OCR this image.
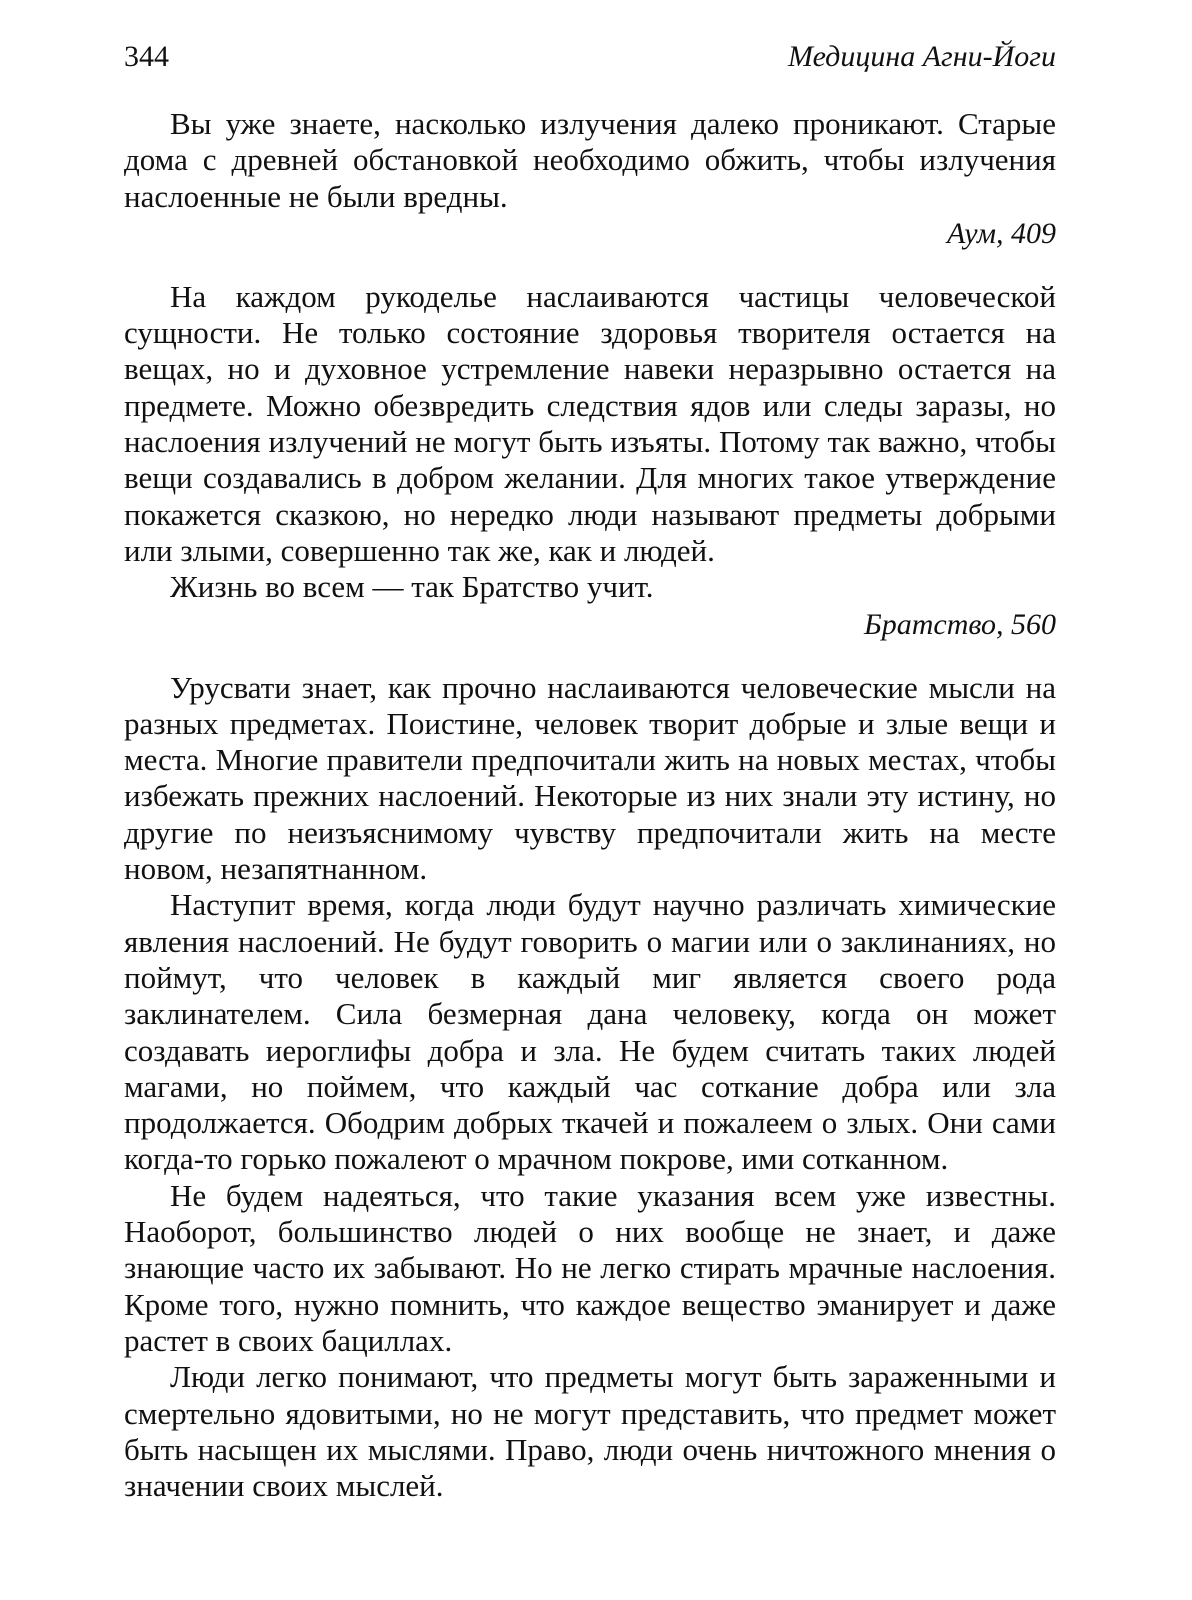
344	Медицина Агни-Йоги

Вы уже знаете, насколько излучения далеко проникают. Старые дома с древней обстановкой необходимо обжить, чтобы излучения наслоенные не были вредны.

Аум, 409

На каждом рукоделье наслаиваются частицы человеческой сущности. Не только состояние здоровья творителя остается на вещах, но и духовное устремление навеки неразрывно остается на предмете. Можно обезвредить следствия ядов или следы заразы, но наслоения излучений не могут быть изъяты. Потому так важно, чтобы вещи создавались в добром желании. Для многих такое утверждение покажется сказкою, но нередко люди называют предметы добрыми или злыми, совершенно так же, как и людей.

Жизнь во всем — так Братство учит.

Братство, 560

Урусвати знает, как прочно наслаиваются человеческие мысли на разных предметах. Поистине, человек творит добрые и злые вещи и места. Многие правители предпочитали жить на новых местах, чтобы избежать прежних наслоений. Некоторые из них знали эту истину, но другие по неизъяснимому чувству предпочитали жить на месте новом, незапятнанном.

Наступит время, когда люди будут научно различать химические явления наслоений. Не будут говорить о магии или о заклинаниях, но поймут, что человек в каждый миг является своего рода заклинателем. Сила безмерная дана человеку, когда он может создавать иероглифы добра и зла. Не будем считать таких людей магами, но поймем, что каждый час соткание добра или зла продолжается. Ободрим добрых ткачей и пожалеем о злых. Они сами когда-то горько пожалеют о мрачном покрове, ими сотканном.

Не будем надеяться, что такие указания всем уже известны. Наоборот, большинство людей о них вообще не знает, и даже знающие часто их забывают. Но не легко стирать мрачные наслоения. Кроме того, нужно помнить, что каждое вещество эманирует и даже растет в своих бациллах.

Люди легко понимают, что предметы могут быть зараженными и смертельно ядовитыми, но не могут представить, что предмет может быть насыщен их мыслями. Право, люди очень ничтожного мнения о значении своих мыслей.
